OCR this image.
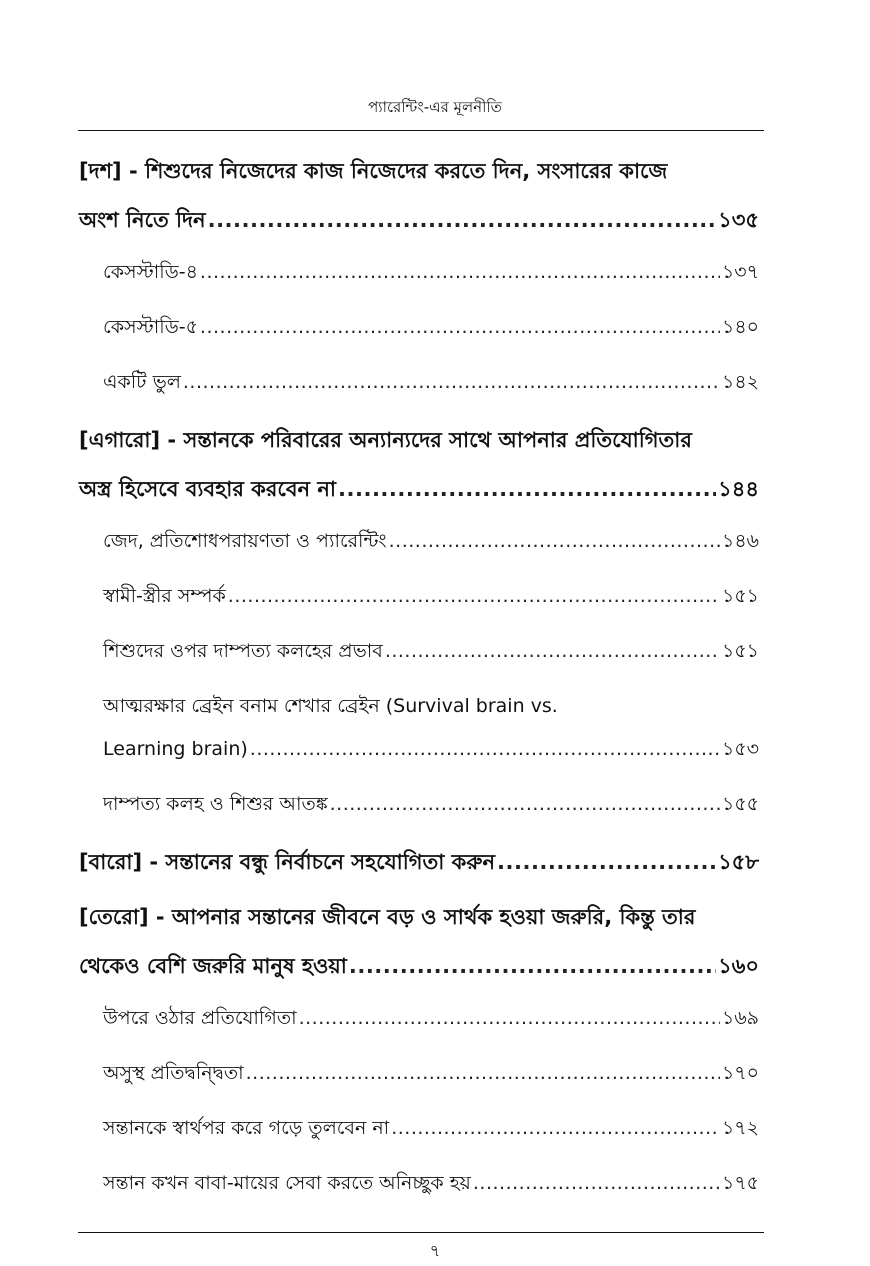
প্যারেন্টিং-এর মূলনীতি
[দশ] - শিশুদের নিজেদের কাজ নিজেদের করতে দিন, সংসারের কাজে
অংশ নিতে দিন .....	১৩৫
কেসস্টাডি-৪ .....	১৩৭
কেসস্টাডি-৫ .....	১৪০
একটি ভুল .....	১৪২
[এগারো] - সন্তানকে পরিবারের অন্যান্যদের সাথে আপনার প্রতিযোগিতার
অস্ত্র হিসেবে ব্যবহার করবেন না .....	১৪৪
জেদ, প্রতিশোধপরায়ণতা ও প্যারেন্টিং .....	১৪৬
স্বামী-স্ত্রীর সম্পর্ক .....	১৫১
শিশুদের ওপর দাম্পত্য কলহের প্রভাব .....	১৫১
আত্মরক্ষার ব্রেইন বনাম শেখার ব্রেইন (Survival brain vs.
Learning brain) .....	১৫৩
দাম্পত্য কলহ ও শিশুর আতঙ্ক .....	১৫৫
[বারো] - সন্তানের বন্ধু নির্বাচনে সহযোগিতা করুন .....	১৫৮
[তেরো] - আপনার সন্তানের জীবনে বড় ও সার্থক হওয়া জরুরি, কিন্তু তার
থেকেও বেশি জরুরি মানুষ হওয়া .....	১৬০
উপরে ওঠার প্রতিযোগিতা .....	১৬৯
অসুস্থ প্রতিদ্বন্দ্বিতা .....	১৭০
সন্তানকে স্বার্থপর করে গড়ে তুলবেন না .....	১৭২
সন্তান কখন বাবা-মায়ের সেবা করতে অনিচ্ছুক হয় .....	১৭৫
৭
